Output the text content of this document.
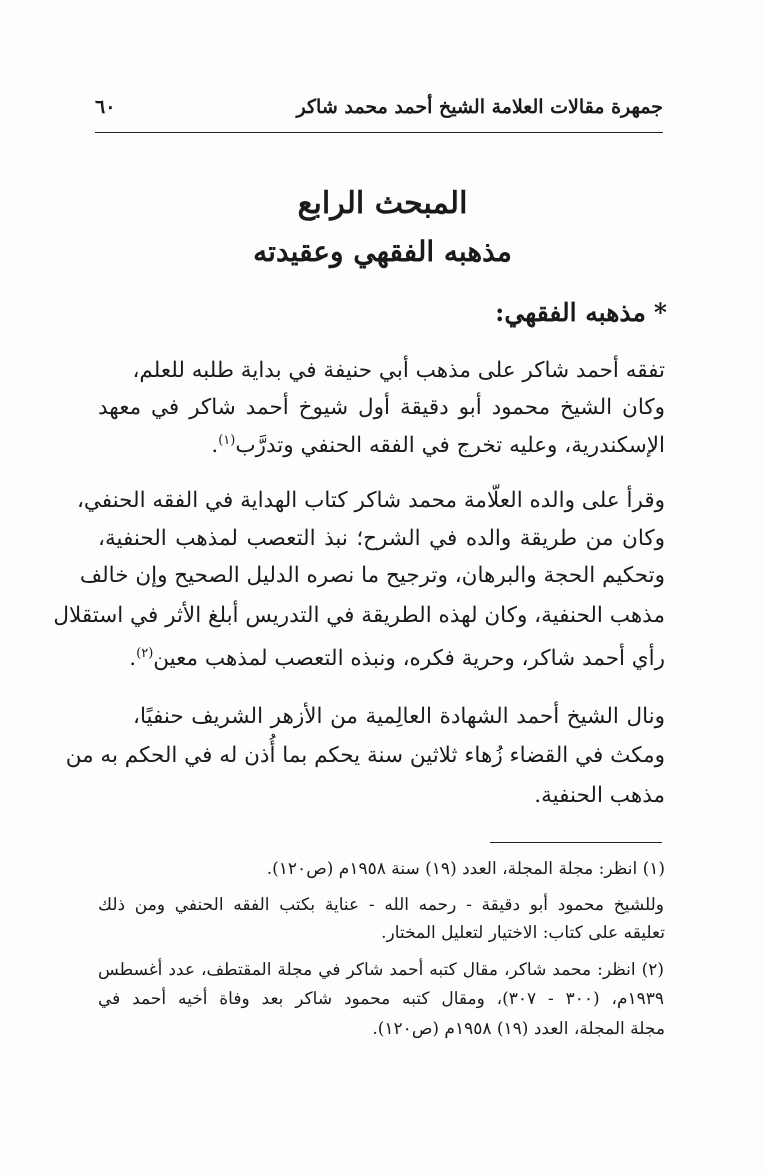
جمهرة مقالات العلامة الشيخ أحمد محمد شاكر
٦٠
المبحث الرابع
مذهبه الفقهي وعقيدته
*مذهبه الفقهي:
تفقه أحمد شاكر على مذهب أبي حنيفة في بداية طلبه للعلم،
وكان الشيخ محمود أبو دقيقة أول شيوخ أحمد شاكر في معهد
الإسكندرية، وعليه تخرج في الفقه الحنفي وتدرَّب$^{(١)}$.
وقرأ على والده العلّامة محمد شاكر كتاب الهداية في الفقه الحنفي،
وكان من طريقة والده في الشرح؛ نبذ التعصب لمذهب الحنفية،
وتحكيم الحجة والبرهان، وترجيح ما نصره الدليل الصحيح وإن خالف
مذهب الحنفية، وكان لهذه الطريقة في التدريس أبلغ الأثر في استقلال
رأي أحمد شاكر، وحرية فكره، ونبذه التعصب لمذهب معين$^{(٢)}$.
ونال الشيخ أحمد الشهادة العالِمية من الأزهر الشريف حنفيًا،
ومكث في القضاء زُهاء ثلاثين سنة يحكم بما أُذن له في الحكم به من
مذهب الحنفية.
(١) انظر: مجلة المجلة، العدد (١٩) سنة ١٩٥٨م (ص١٢٠).
وللشيخ محمود أبو دقيقة - رحمه الله - عناية بكتب الفقه الحنفي ومن ذلك
تعليقه على كتاب: الاختيار لتعليل المختار.
(٢) انظر: محمد شاكر، مقال كتبه أحمد شاكر في مجلة المقتطف، عدد أغسطس
١٩٣٩م، (٣٠٠ - ٣٠٧)، ومقال كتبه محمود شاكر بعد وفاة أخيه أحمد في
مجلة المجلة، العدد (١٩) ١٩٥٨م (ص١٢٠).
